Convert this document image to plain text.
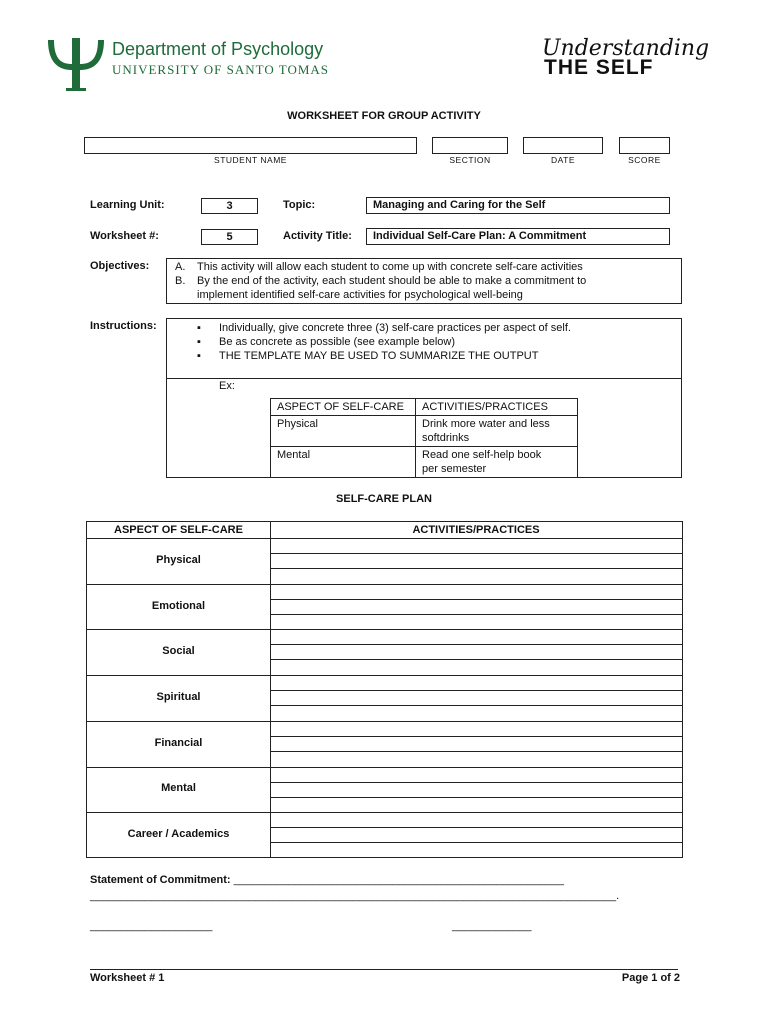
Department of Psychology
UNIVERSITY OF SANTO TOMAS
Understanding
THE SELF
WORKSHEET FOR GROUP ACTIVITY
STUDENT NAME	SECTION	DATE	SCORE
Learning Unit:	3	Topic:	Managing and Caring for the Self
Worksheet #:	5	Activity Title:	Individual Self-Care Plan: A Commitment
Objectives: A. This activity will allow each student to come up with concrete self-care activities
B. By the end of the activity, each student should be able to make a commitment to
implement identified self-care activities for psychological well-being
Instructions:	▪ Individually, give concrete three (3) self-care practices per aspect of self.
▪ Be as concrete as possible (see example below)
▪ THE TEMPLATE MAY BE USED TO SUMMARIZE THE OUTPUT
Ex:
ASPECT OF SELF-CARE	ACTIVITIES/PRACTICES
Physical	Drink more water and less
softdrinks

Mental	Read one self-help book
per semester
SELF-CARE PLAN
ASPECT OF SELF-CARE	ACTIVITIES/PRACTICES
Physical
Emotional
Social
Spiritual
Financial
Mental
Career / Academics
Statement of Commitment: ______________________________________________________
______________________________________________________________________________________.
____________________	_____________
Worksheet # 1	Page 1 of 2
